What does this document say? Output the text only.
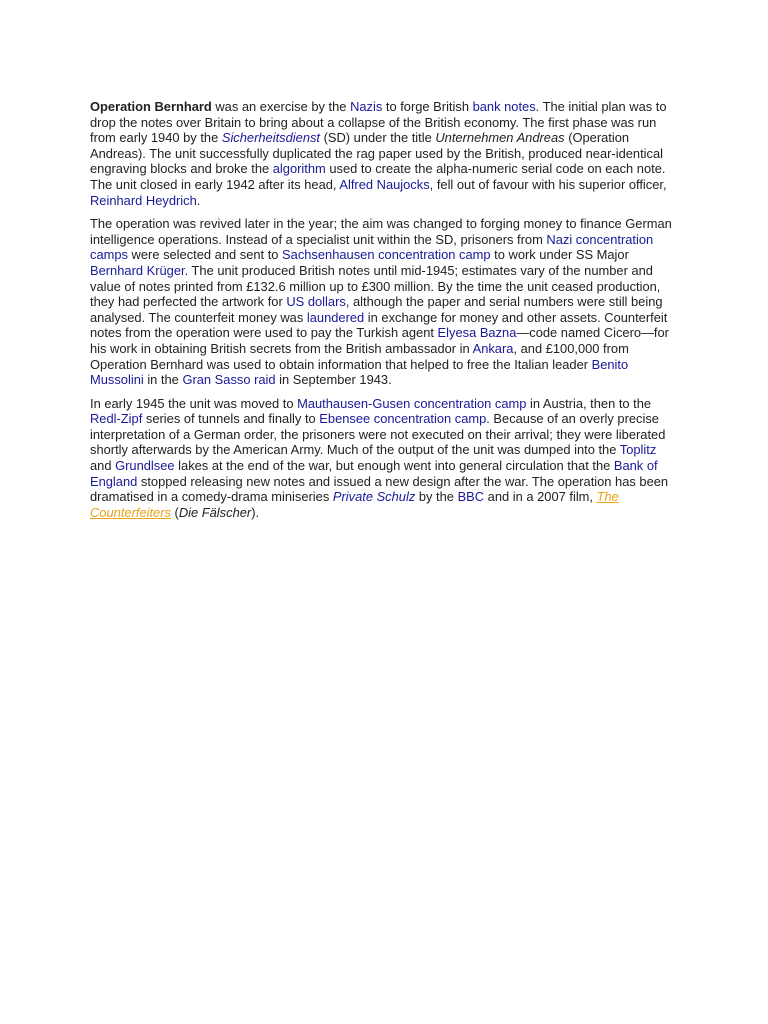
Operation Bernhard was an exercise by the Nazis to forge British bank notes. The initial plan was to drop the notes over Britain to bring about a collapse of the British economy. The first phase was run from early 1940 by the Sicherheitsdienst (SD) under the title Unternehmen Andreas (Operation Andreas). The unit successfully duplicated the rag paper used by the British, produced near-identical engraving blocks and broke the algorithm used to create the alpha-numeric serial code on each note. The unit closed in early 1942 after its head, Alfred Naujocks, fell out of favour with his superior officer, Reinhard Heydrich.

The operation was revived later in the year; the aim was changed to forging money to finance German intelligence operations. Instead of a specialist unit within the SD, prisoners from Nazi concentration camps were selected and sent to Sachsenhausen concentration camp to work under SS Major Bernhard Krüger. The unit produced British notes until mid-1945; estimates vary of the number and value of notes printed from £132.6 million up to £300 million. By the time the unit ceased production, they had perfected the artwork for US dollars, although the paper and serial numbers were still being analysed. The counterfeit money was laundered in exchange for money and other assets. Counterfeit notes from the operation were used to pay the Turkish agent Elyesa Bazna—code named Cicero—for his work in obtaining British secrets from the British ambassador in Ankara, and £100,000 from Operation Bernhard was used to obtain information that helped to free the Italian leader Benito Mussolini in the Gran Sasso raid in September 1943.

In early 1945 the unit was moved to Mauthausen-Gusen concentration camp in Austria, then to the Redl-Zipf series of tunnels and finally to Ebensee concentration camp. Because of an overly precise interpretation of a German order, the prisoners were not executed on their arrival; they were liberated shortly afterwards by the American Army. Much of the output of the unit was dumped into the Toplitz and Grundlsee lakes at the end of the war, but enough went into general circulation that the Bank of England stopped releasing new notes and issued a new design after the war. The operation has been dramatised in a comedy-drama miniseries Private Schulz by the BBC and in a 2007 film, The Counterfeiters (Die Fälscher).
